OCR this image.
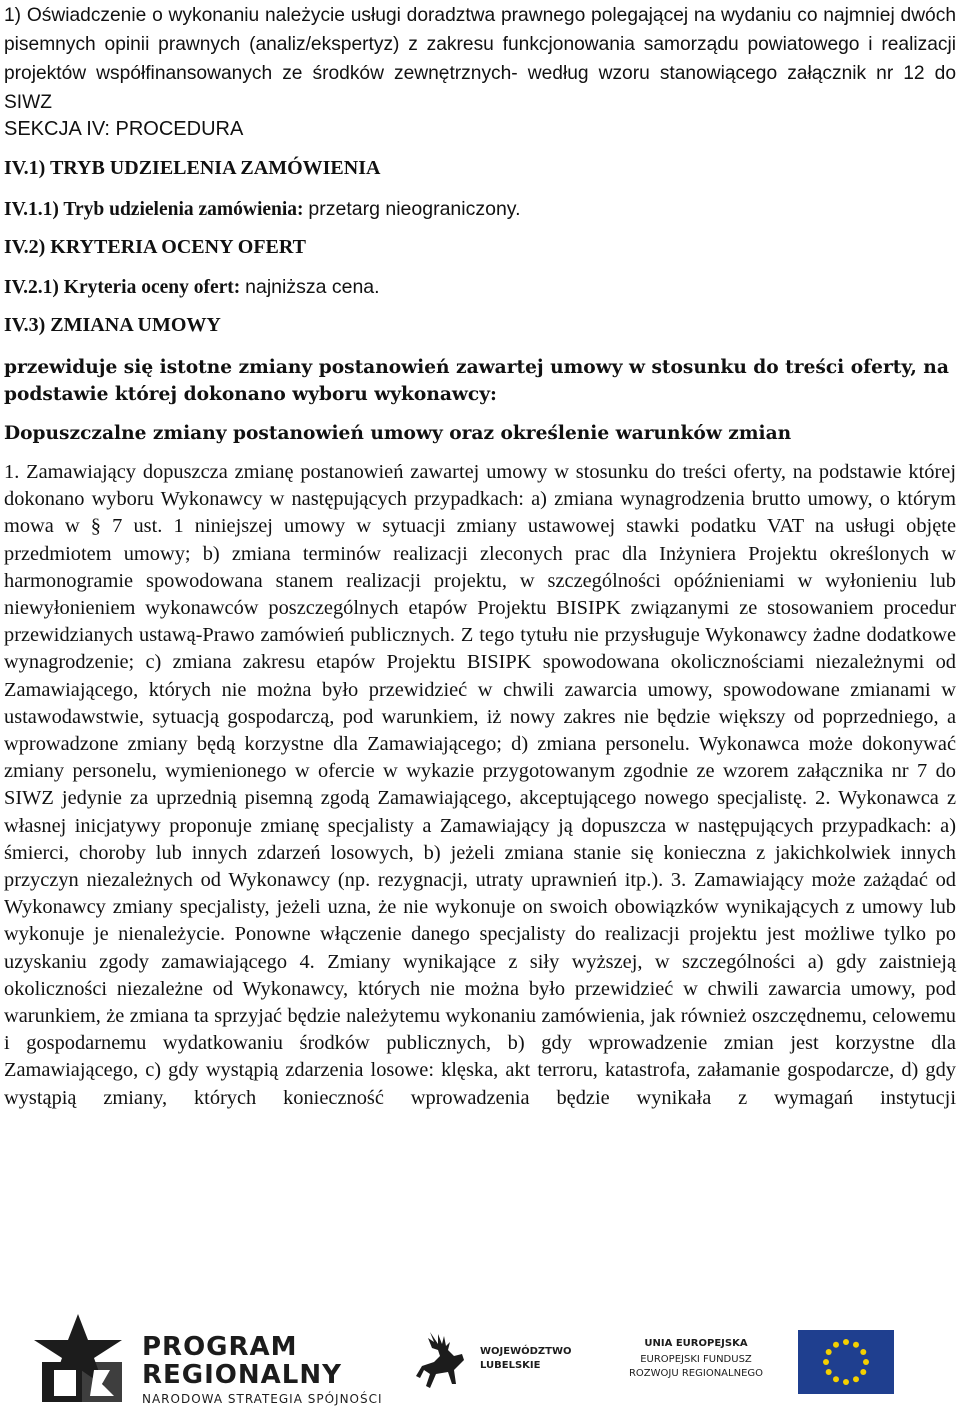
1) Oświadczenie o wykonaniu należycie usługi doradztwa prawnego polegającej na wydaniu co najmniej dwóch pisemnych opinii prawnych (analiz/ekspertyz) z zakresu funkcjonowania samorządu powiatowego i realizacji projektów współfinansowanych ze środków zewnętrznych- według wzoru stanowiącego załącznik nr 12 do SIWZ

SEKCJA IV: PROCEDURA

IV.1) TRYB UDZIELENIA ZAMÓWIENIA

IV.1.1) Tryb udzielenia zamówienia: przetarg nieograniczony.

IV.2) KRYTERIA OCENY OFERT

IV.2.1) Kryteria oceny ofert: najniższa cena.

IV.3) ZMIANA UMOWY

przewiduje się istotne zmiany postanowień zawartej umowy w stosunku do treści oferty, na podstawie której dokonano wyboru wykonawcy:

Dopuszczalne zmiany postanowień umowy oraz określenie warunków zmian

1. Zamawiający dopuszcza zmianę postanowień zawartej umowy w stosunku do treści oferty, na podstawie której dokonano wyboru Wykonawcy w następujących przypadkach: a) zmiana wynagrodzenia brutto umowy, o którym mowa w § 7 ust. 1 niniejszej umowy w sytuacji zmiany ustawowej stawki podatku VAT na usługi objęte przedmiotem umowy; b) zmiana terminów realizacji zleconych prac dla Inżyniera Projektu określonych w harmonogramie spowodowana stanem realizacji projektu, w szczególności opóźnieniami w wyłonieniu lub niewyłonieniem wykonawców poszczególnych etapów Projektu BISIPK związanymi ze stosowaniem procedur przewidzianych ustawą-Prawo zamówień publicznych. Z tego tytułu nie przysługuje Wykonawcy żadne dodatkowe wynagrodzenie; c) zmiana zakresu etapów Projektu BISIPK spowodowana okolicznościami niezależnymi od Zamawiającego, których nie można było przewidzieć w chwili zawarcia umowy, spowodowane zmianami w ustawodawstwie, sytuacją gospodarczą, pod warunkiem, iż nowy zakres nie będzie większy od poprzedniego, a wprowadzone zmiany będą korzystne dla Zamawiającego; d) zmiana personelu. Wykonawca może dokonywać zmiany personelu, wymienionego w ofercie w wykazie przygotowanym zgodnie ze wzorem załącznika nr 7 do SIWZ jedynie za uprzednią pisemną zgodą Zamawiającego, akceptującego nowego specjalistę. 2. Wykonawca z własnej inicjatywy proponuje zmianę specjalisty a Zamawiający ją dopuszcza w następujących przypadkach: a) śmierci, choroby lub innych zdarzeń losowych, b) jeżeli zmiana stanie się konieczna z jakichkolwiek innych przyczyn niezależnych od Wykonawcy (np. rezygnacji, utraty uprawnień itp.). 3. Zamawiający może zażądać od Wykonawcy zmiany specjalisty, jeżeli uzna, że nie wykonuje on swoich obowiązków wynikających z umowy lub wykonuje je nienależycie. Ponowne włączenie danego specjalisty do realizacji projektu jest możliwe tylko po uzyskaniu zgody zamawiającego 4. Zmiany wynikające z siły wyższej, w szczególności a) gdy zaistnieją okoliczności niezależne od Wykonawcy, których nie można było przewidzieć w chwili zawarcia umowy, pod warunkiem, że zmiana ta sprzyjać będzie należytemu wykonaniu zamówienia, jak również oszczędnemu, celowemu i gospodarnemu wydatkowaniu środków publicznych, b) gdy wprowadzenie zmian jest korzystne dla Zamawiającego, c) gdy wystąpią zdarzenia losowe: klęska, akt terroru, katastrofa, załamanie gospodarcze, d) gdy wystąpią zmiany, których konieczność wprowadzenia będzie wynikała z wymagań instytucji

PROGRAM
REGIONALNY
NARODOWA STRATEGIA SPÓJNOŚCI
WOJEWÓDZTWO
LUBELSKIE
UNIA EUROPEJSKA
EUROPEJSKI FUNDUSZ
ROZWOJU REGIONALNEGO
